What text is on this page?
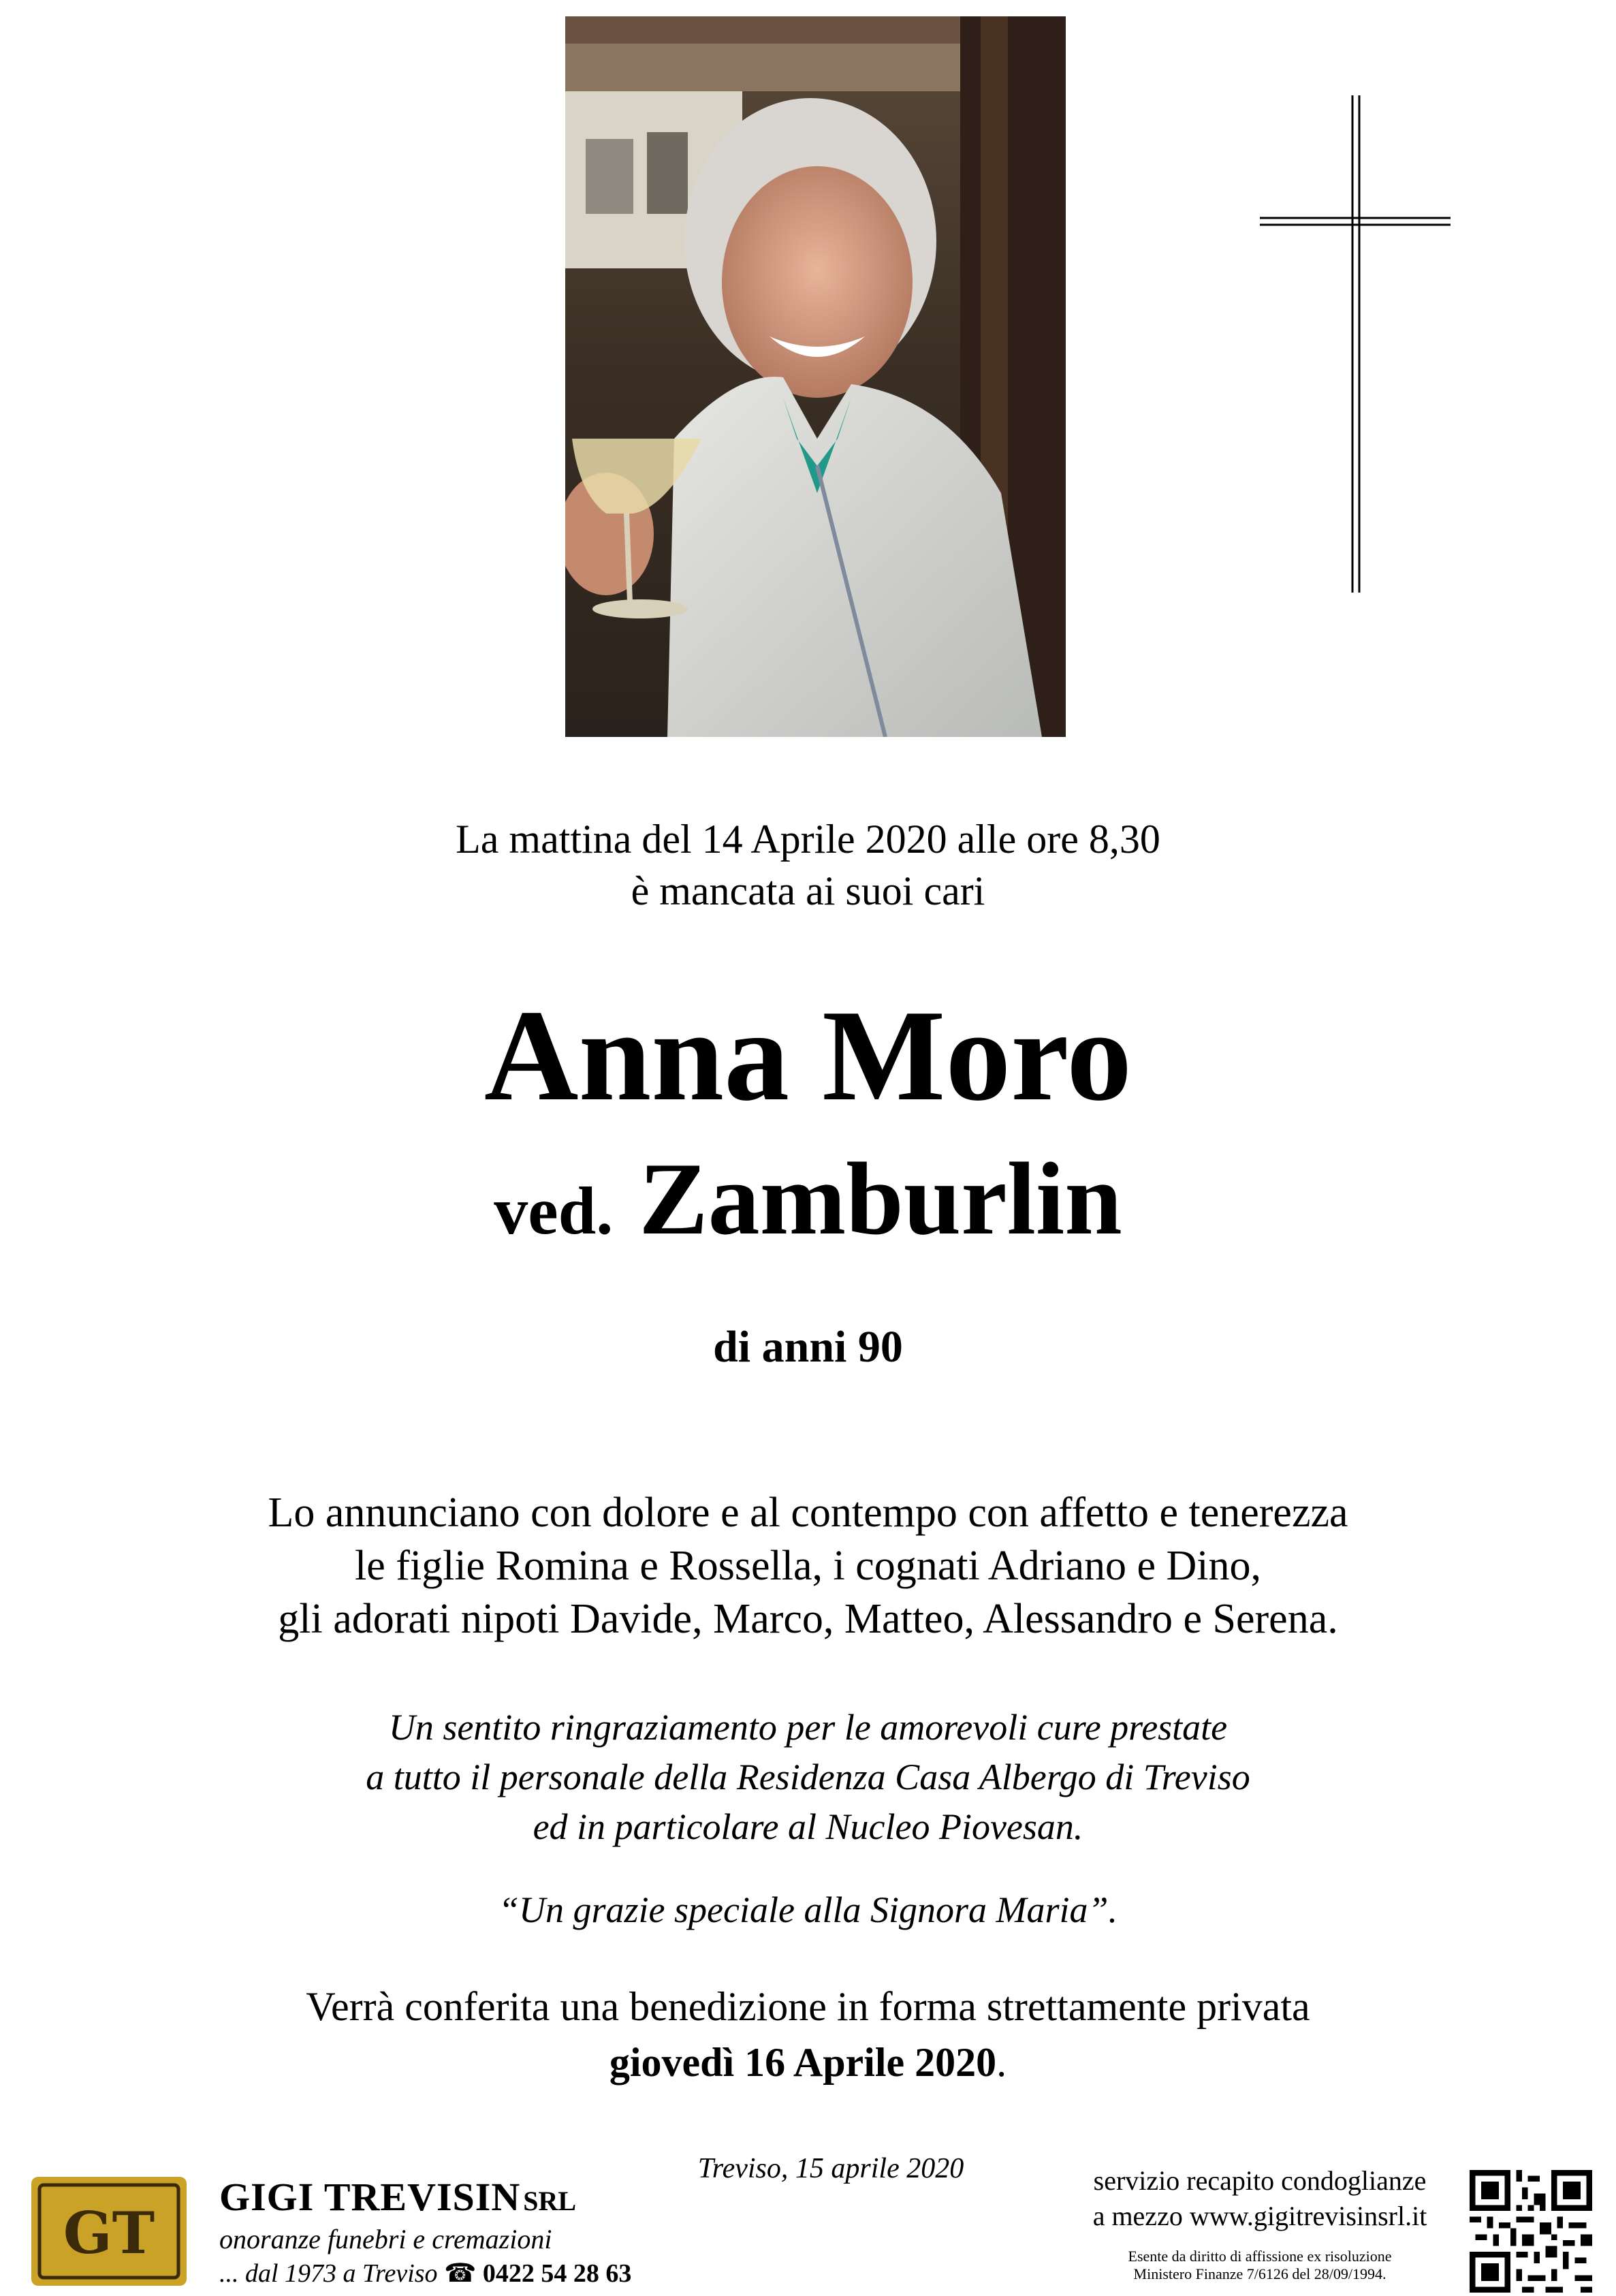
La mattina del 14 Aprile 2020 alle ore 8,30
è mancata ai suoi cari
Anna Moro
ved. Zamburlin
di anni 90
Lo annunciano con dolore e al contempo con affetto e tenerezza
le figlie Romina e Rossella, i cognati Adriano e Dino,
gli adorati nipoti Davide, Marco, Matteo, Alessandro e Serena.
Un sentito ringraziamento per le amorevoli cure prestate
a tutto il personale della Residenza Casa Albergo di Treviso
ed in particolare al Nucleo Piovesan.
“Un grazie speciale alla Signora Maria”.
Verrà conferita una benedizione in forma strettamente privata
giovedì 16 Aprile 2020.
Treviso, 15 aprile 2020
GT
GIGI TREVISIN SRL
onoranze funebri e cremazioni
... dal 1973 a Treviso ☎ 0422 54 28 63
servizio recapito condoglianze
a mezzo www.gigitrevisinsrl.it
Esente da diritto di affissione ex risoluzione
Ministero Finanze 7/6126 del 28/09/1994.
